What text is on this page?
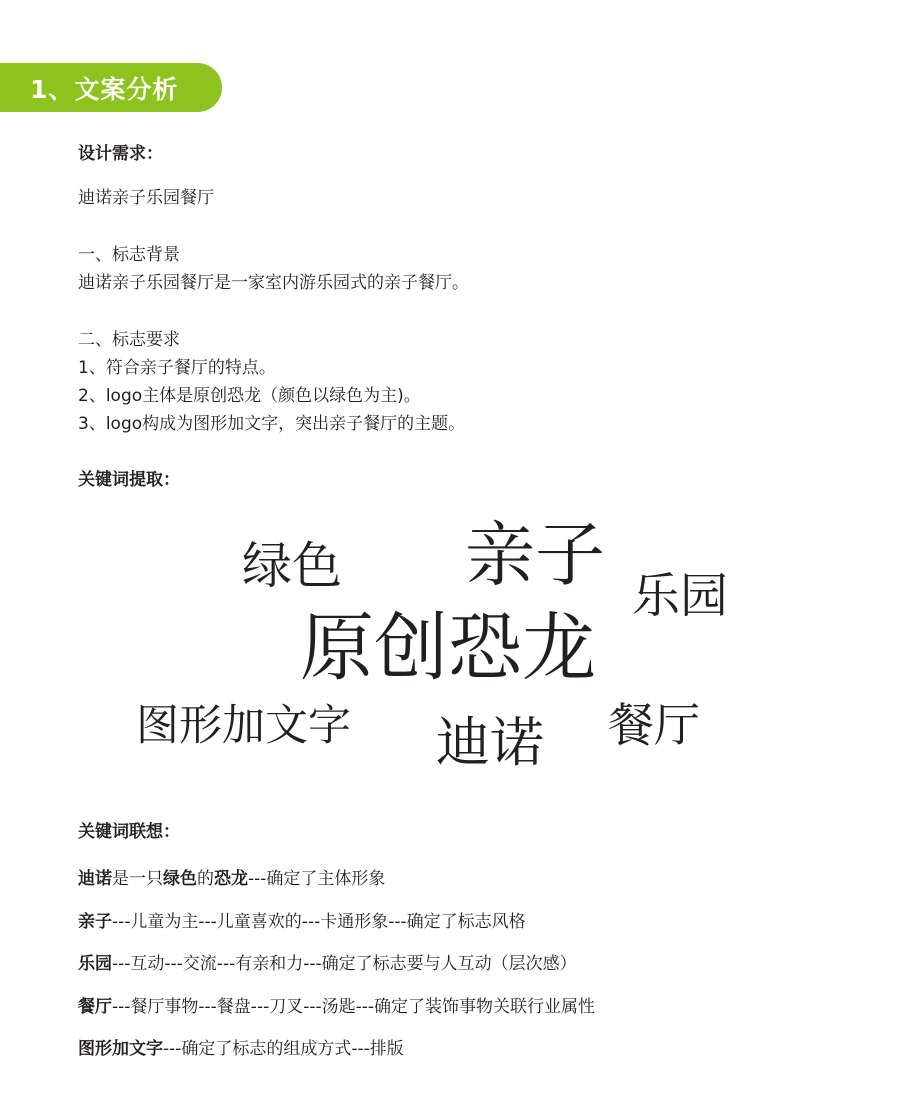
1、文案分析
设计需求：
迪诺亲子乐园餐厅
一、标志背景
迪诺亲子乐园餐厅是一家室内游乐园式的亲子餐厅。
二、标志要求
1、符合亲子餐厅的特点。
2、logo主体是原创恐龙（颜色以绿色为主)。
3、logo构成为图形加文字，突出亲子餐厅的主题。
关键词提取：
绿色 亲子 乐园
原创恐龙
图形加文字 迪诺 餐厅
关键词联想：
迪诺是一只绿色的恐龙---确定了主体形象
亲子---儿童为主---儿童喜欢的---卡通形象---确定了标志风格
乐园---互动---交流---有亲和力---确定了标志要与人互动（层次感）
餐厅---餐厅事物---餐盘---刀叉---汤匙---确定了装饰事物关联行业属性
图形加文字---确定了标志的组成方式---排版
